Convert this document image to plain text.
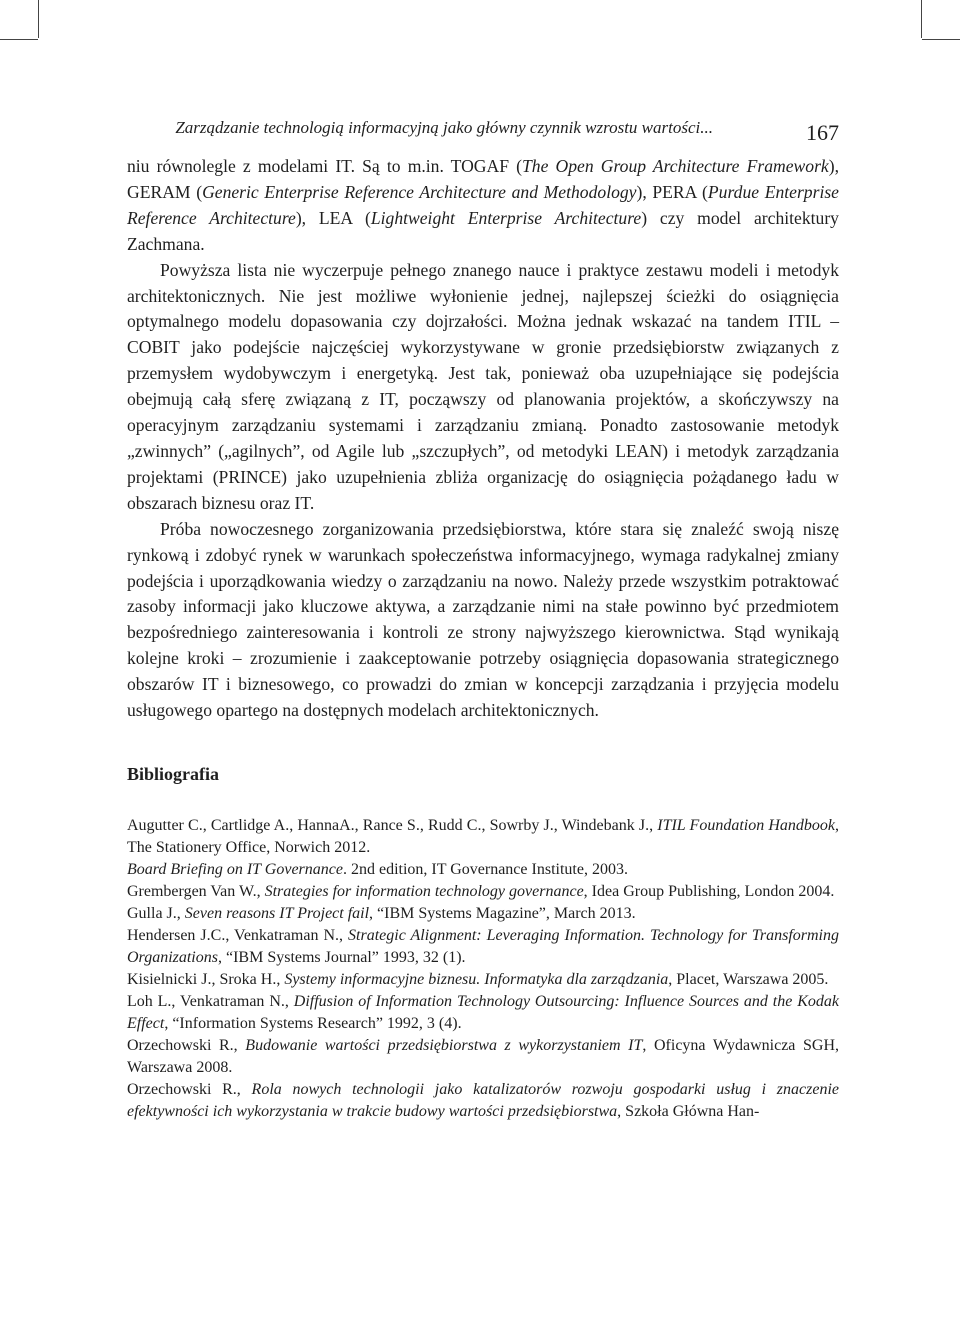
Zarządzanie technologią informacyjną jako główny czynnik wzrostu wartości...	167

niu równolegle z modelami IT. Są to m.in. TOGAF (The Open Group Architecture Framework), GERAM (Generic Enterprise Reference Architecture and Methodology), PERA (Purdue Enterprise Reference Architecture), LEA (Lightweight Enterprise Architecture) czy model architektury Zachmana.

Powyższa lista nie wyczerpuje pełnego znanego nauce i praktyce zestawu modeli i metodyk architektonicznych. Nie jest możliwe wyłonienie jednej, najlepszej ścieżki do osiągnięcia optymalnego modelu dopasowania czy dojrzałości. Można jednak wskazać na tandem ITIL – COBIT jako podejście najczęściej wykorzystywane w gronie przedsiębiorstw związanych z przemysłem wydobywczym i energetyką. Jest tak, ponieważ oba uzupełniające się podejścia obejmują całą sferę związaną z IT, począwszy od planowania projektów, a skończywszy na operacyjnym zarządzaniu systemami i zarządzaniu zmianą. Ponadto zastosowanie metodyk „zwinnych” („agilnych”, od Agile lub „szczupłych”, od metodyki LEAN) i metodyk zarządzania projektami (PRINCE) jako uzupełnienia zbliża organizację do osiągnięcia pożądanego ładu w obszarach biznesu oraz IT.

Próba nowoczesnego zorganizowania przedsiębiorstwa, które stara się znaleźć swoją niszę rynkową i zdobyć rynek w warunkach społeczeństwa informacyjnego, wymaga radykalnej zmiany podejścia i uporządkowania wiedzy o zarządzaniu na nowo. Należy przede wszystkim potraktować zasoby informacji jako kluczowe aktywa, a zarządzanie nimi na stałe powinno być przedmiotem bezpośredniego zainteresowania i kontroli ze strony najwyższego kierownictwa. Stąd wynikają kolejne kroki – zrozumienie i zaakceptowanie potrzeby osiągnięcia dopasowania strategicznego obszarów IT i biznesowego, co prowadzi do zmian w koncepcji zarządzania i przyjęcia modelu usługowego opartego na dostępnych modelach architektonicznych.

Bibliografia

Augutter C., Cartlidge A., HannaA., Rance S., Rudd C., Sowrby J., Windebank J., ITIL Foundation Handbook, The Stationery Office, Norwich 2012.

Board Briefing on IT Governance. 2nd edition, IT Governance Institute, 2003.

Grembergen Van W., Strategies for information technology governance, Idea Group Publishing, London 2004.

Gulla J., Seven reasons IT Project fail, “IBM Systems Magazine”, March 2013.

Hendersen J.C., Venkatraman N., Strategic Alignment: Leveraging Information. Technology for Transforming Organizations, “IBM Systems Journal” 1993, 32 (1).

Kisielnicki J., Sroka H., Systemy informacyjne biznesu. Informatyka dla zarządzania, Placet, Warszawa 2005.

Loh L., Venkatraman N., Diffusion of Information Technology Outsourcing: Influence Sources and the Kodak Effect, “Information Systems Research” 1992, 3 (4).

Orzechowski R., Budowanie wartości przedsiębiorstwa z wykorzystaniem IT, Oficyna Wydawnicza SGH, Warszawa 2008.

Orzechowski R., Rola nowych technologii jako katalizatorów rozwoju gospodarki usług i znaczenie efektywności ich wykorzystania w trakcie budowy wartości przedsiębiorstwa, Szkoła Główna Han-
